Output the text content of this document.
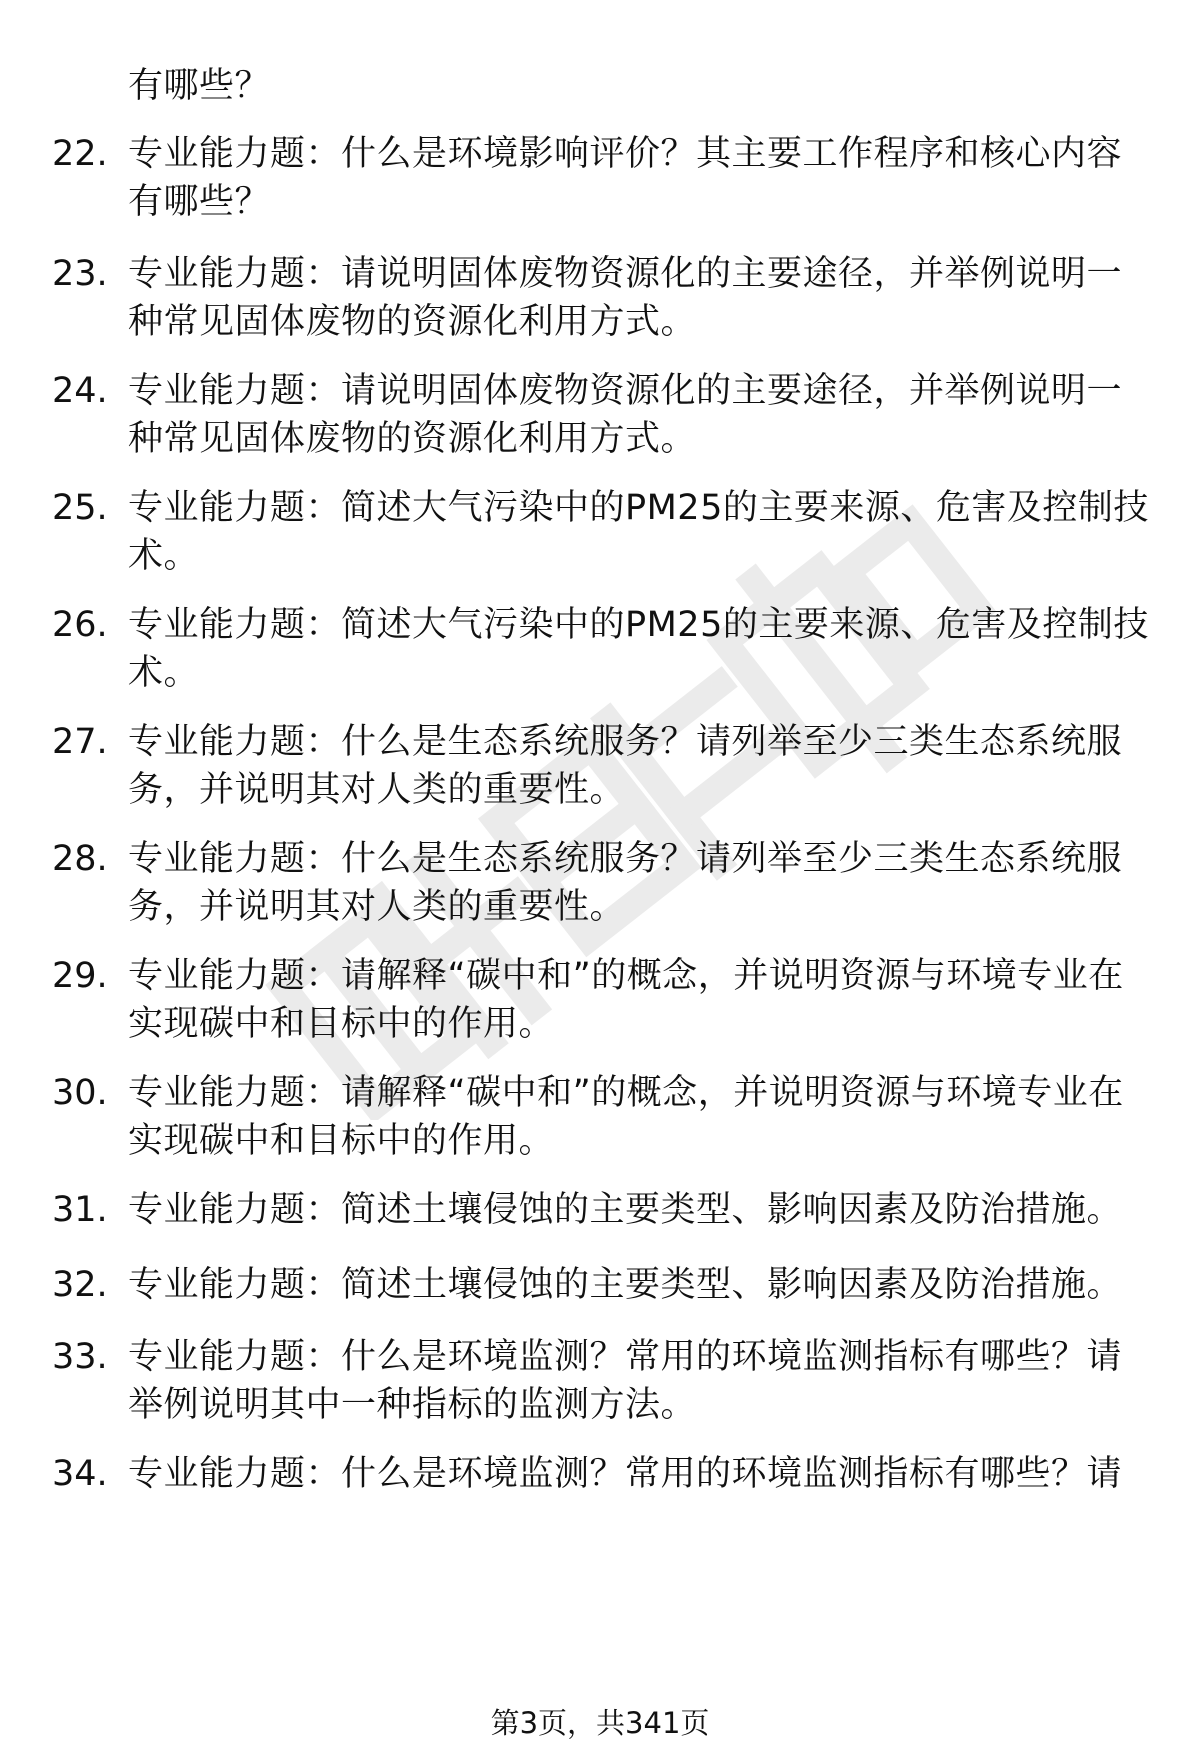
有哪些？
22. 专业能力题：什么是环境影响评价？其主要工作程序和核心内容有哪些？
23. 专业能力题：请说明固体废物资源化的主要途径，并举例说明一种常见固体废物的资源化利用方式。
24. 专业能力题：请说明固体废物资源化的主要途径，并举例说明一种常见固体废物的资源化利用方式。
25. 专业能力题：简述大气污染中的PM25的主要来源、危害及控制技术。
26. 专业能力题：简述大气污染中的PM25的主要来源、危害及控制技术。
27. 专业能力题：什么是生态系统服务？请列举至少三类生态系统服务，并说明其对人类的重要性。
28. 专业能力题：什么是生态系统服务？请列举至少三类生态系统服务，并说明其对人类的重要性。
29. 专业能力题：请解释“碳中和”的概念，并说明资源与环境专业在实现碳中和目标中的作用。
30. 专业能力题：请解释“碳中和”的概念，并说明资源与环境专业在实现碳中和目标中的作用。
31. 专业能力题：简述土壤侵蚀的主要类型、影响因素及防治措施。
32. 专业能力题：简述土壤侵蚀的主要类型、影响因素及防治措施。
33. 专业能力题：什么是环境监测？常用的环境监测指标有哪些？请举例说明其中一种指标的监测方法。
34. 专业能力题：什么是环境监测？常用的环境监测指标有哪些？请
第3页，共341页
